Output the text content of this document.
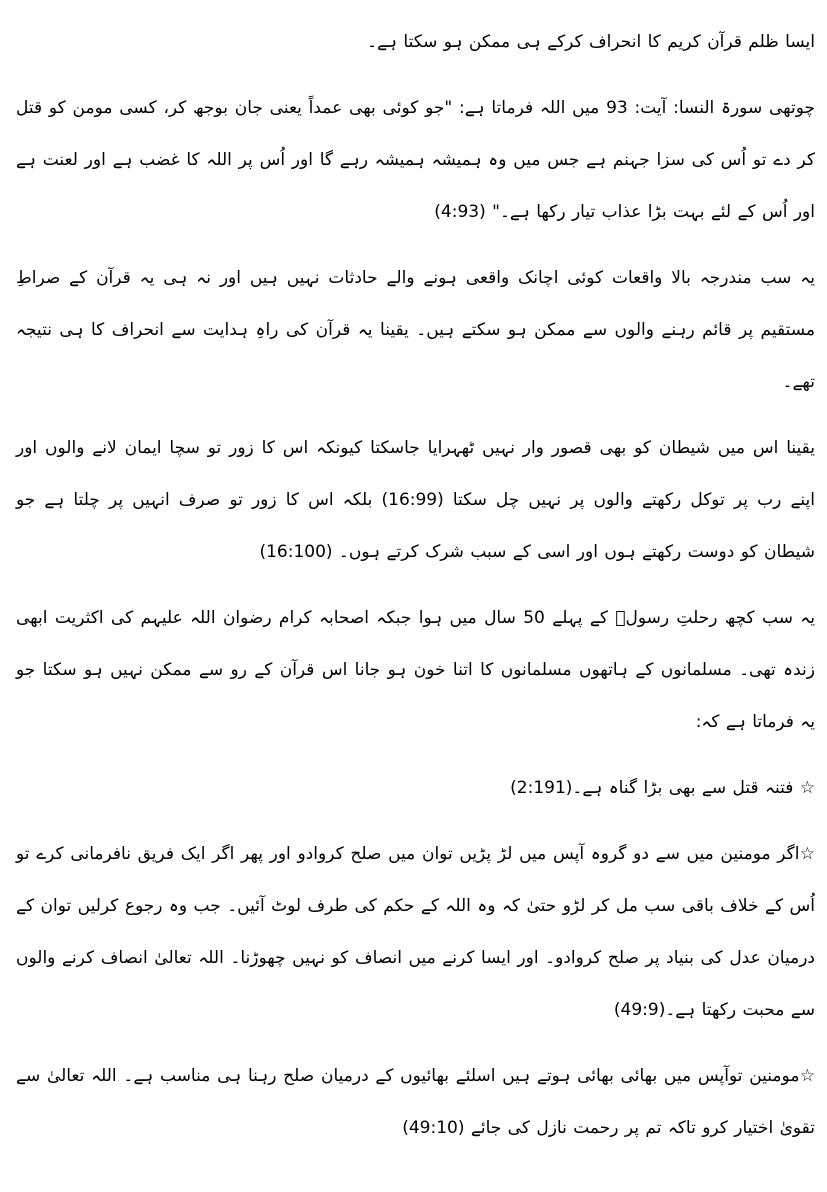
ایسا ظلم قرآن کریم کا انحراف کرکے ہی ممکن ہو سکتا ہے۔

چوتھی سورۃ النسا: آیت: 93 میں اللہ فرماتا ہے: "جو کوئی بھی عمداً یعنی جان بوجھ کر، کسی مومن کو قتل کر دے تو اُس کی سزا جہنم ہے جس میں وہ ہمیشہ ہمیشہ رہے گا اور اُس پر اللہ کا غضب ہے اور لعنت ہے اور اُس کے لئے بہت بڑا عذاب تیار رکھا ہے۔" (4:93)

یہ سب مندرجہ بالا واقعات کوئی اچانک واقعی ہونے والے حادثات نہیں ہیں اور نہ ہی یہ قرآن کے صراطِ مستقیم پر قائم رہنے والوں سے ممکن ہو سکتے ہیں۔ یقینا یہ قرآن کی راہِ ہدایت سے انحراف کا ہی نتیجہ تھے۔

یقینا اس میں شیطان کو بھی قصور وار نہیں ٹھہرایا جاسکتا کیونکہ اس کا زور تو سچا ایمان لانے والوں اور اپنے رب پر توکل رکھتے والوں پر نہیں چل سکتا (16:99) بلکہ اس کا زور تو صرف انہیں پر چلتا ہے جو شیطان کو دوست رکھتے ہوں اور اسی کے سبب شرک کرتے ہوں۔ (16:100)

یہ سب کچھ رحلتِ رسولؐ کے پہلے 50 سال میں ہوا جبکہ اصحابہ کرام رضوان اللہ علیہم کی اکثریت ابھی زندہ تھی۔ مسلمانوں کے ہاتھوں مسلمانوں کا اتنا خون ہو جانا اس قرآن کے رو سے ممکن نہیں ہو سکتا جو یہ فرماتا ہے کہ:

☆ فتنہ قتل سے بھی بڑا گناہ ہے۔(2:191)

☆اگر مومنین میں سے دو گروہ آپس میں لڑ پڑیں توان میں صلح کروادو اور پھر اگر ایک فریق نافرمانی کرے تو اُس کے خلاف باقی سب مل کر لڑو حتیٰ کہ وہ اللہ کے حکم کی طرف لوٹ آئیں۔ جب وہ رجوع کرلیں توان کے درمیان عدل کی بنیاد پر صلح کروادو۔ اور ایسا کرنے میں انصاف کو نہیں چھوڑنا۔ اللہ تعالیٰ انصاف کرنے والوں سے محبت رکھتا ہے۔(49:9)

☆مومنین توآپس میں بھائی بھائی ہوتے ہیں اسلئے بھائیوں کے درمیان صلح رہنا ہی مناسب ہے۔ اللہ تعالیٰ سے تقویٰ اختیار کرو تاکہ تم پر رحمت نازل کی جائے (49:10)
